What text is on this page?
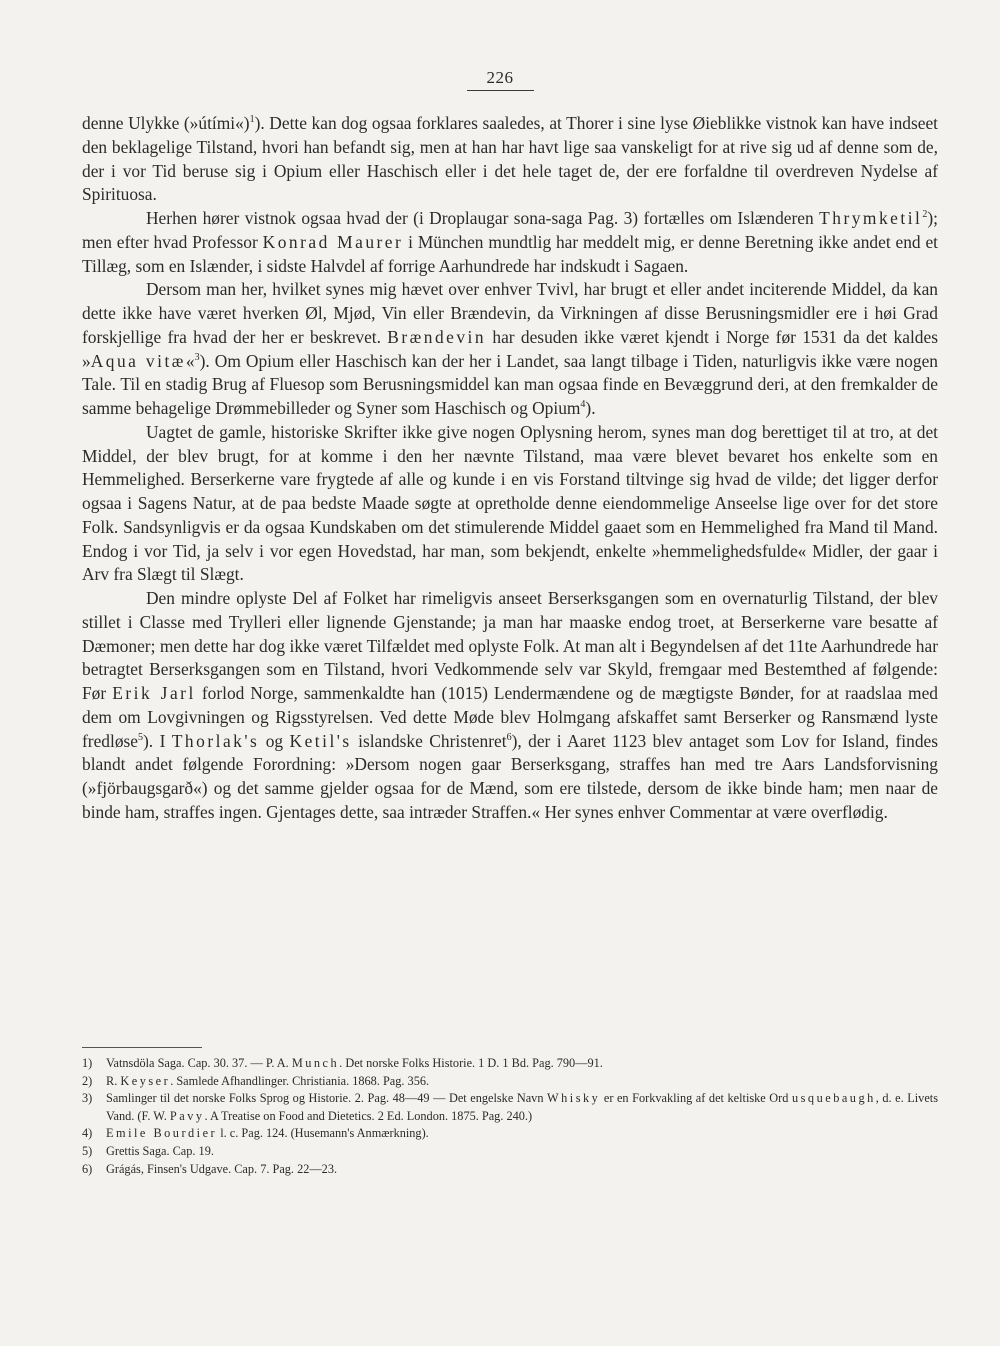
226

denne Ulykke (»útími«)$^1$). Dette kan dog ogsaa forklares saaledes, at Thorer i sine lyse Øieblikke vistnok kan have indseet den beklagelige Tilstand, hvori han befandt sig, men at han har havt lige saa vanskeligt for at rive sig ud af denne som de, der i vor Tid beruse sig i Opium eller Haschisch eller i det hele taget de, der ere forfaldne til overdreven Nydelse af Spirituosa.

Herhen hører vistnok ogsaa hvad der (i Droplaugar sona-saga Pag. 3) fortælles om Islænderen Thrymketil$^2$); men efter hvad Professor Konrad Maurer i München mundtlig har meddelt mig, er denne Beretning ikke andet end et Tillæg, som en Islænder, i sidste Halvdel af forrige Aarhundrede har indskudt i Sagaen.

Dersom man her, hvilket synes mig hævet over enhver Tvivl, har brugt et eller andet inciterende Middel, da kan dette ikke have været hverken Øl, Mjød, Vin eller Brændevin, da Virkningen af disse Berusningsmidler ere i høi Grad forskjellige fra hvad der her er beskrevet. Brændevin har desuden ikke været kjendt i Norge før 1531 da det kaldes »Aqua vitæ«$^3$). Om Opium eller Haschisch kan der her i Landet, saa langt tilbage i Tiden, naturligvis ikke være nogen Tale. Til en stadig Brug af Fluesop som Berusningsmiddel kan man ogsaa finde en Bevæggrund deri, at den fremkalder de samme behagelige Drømmebilleder og Syner som Haschisch og Opium$^4$).

Uagtet de gamle, historiske Skrifter ikke give nogen Oplysning herom, synes man dog berettiget til at tro, at det Middel, der blev brugt, for at komme i den her nævnte Tilstand, maa være blevet bevaret hos enkelte som en Hemmelighed. Berserkerne vare frygtede af alle og kunde i en vis Forstand tiltvinge sig hvad de vilde; det ligger derfor ogsaa i Sagens Natur, at de paa bedste Maade søgte at opretholde denne eiendommelige Anseelse lige over for det store Folk. Sandsynligvis er da ogsaa Kundskaben om det stimulerende Middel gaaet som en Hemmelighed fra Mand til Mand. Endog i vor Tid, ja selv i vor egen Hovedstad, har man, som bekjendt, enkelte »hemmelighedsfulde« Midler, der gaar i Arv fra Slægt til Slægt.

Den mindre oplyste Del af Folket har rimeligvis anseet Berserksgangen som en overnaturlig Tilstand, der blev stillet i Classe med Trylleri eller lignende Gjenstande; ja man har maaske endog troet, at Berserkerne vare besatte af Dæmoner; men dette har dog ikke været Tilfældet med oplyste Folk. At man alt i Begyndelsen af det 11te Aarhundrede har betragtet Berserksgangen som en Tilstand, hvori Vedkommende selv var Skyld, fremgaar med Bestemthed af følgende: Før Erik Jarl forlod Norge, sammenkaldte han (1015) Lendermændene og de mægtigste Bønder, for at raadslaa med dem om Lovgivningen og Rigsstyrelsen. Ved dette Møde blev Holmgang afskaffet samt Berserker og Ransmænd lyste fredløse$^5$). I Thorlak's og Ketil's islandske Christenret$^6$), der i Aaret 1123 blev antaget som Lov for Island, findes blandt andet følgende Forordning: »Dersom nogen gaar Berserksgang, straffes han med tre Aars Landsforvisning (»fjörbaugsgarð«) og det samme gjelder ogsaa for de Mænd, som ere tilstede, dersom de ikke binde ham; men naar de binde ham, straffes ingen. Gjentages dette, saa intræder Straffen.« Her synes enhver Commentar at være overflødig.

1)	Vatnsdöla Saga. Cap. 30. 37. — P. A. Munch. Det norske Folks Historie. 1 D. 1 Bd. Pag. 790—91.
2)	R. Keyser. Samlede Afhandlinger. Christiania. 1868. Pag. 356.
3)	Samlinger til det norske Folks Sprog og Historie. 2. Pag. 48—49 — Det engelske Navn Whisky er en Forkvakling af det keltiske Ord usquebaugh, d. e. Livets Vand. (F. W. Pavy. A Treatise on Food and Dietetics. 2 Ed. London. 1875. Pag. 240.)
4)	Emile Bourdier l. c. Pag. 124. (Husemann's Anmærkning).
5)	Grettis Saga. Cap. 19.
6)	Grágás, Finsen's Udgave. Cap. 7. Pag. 22—23.
